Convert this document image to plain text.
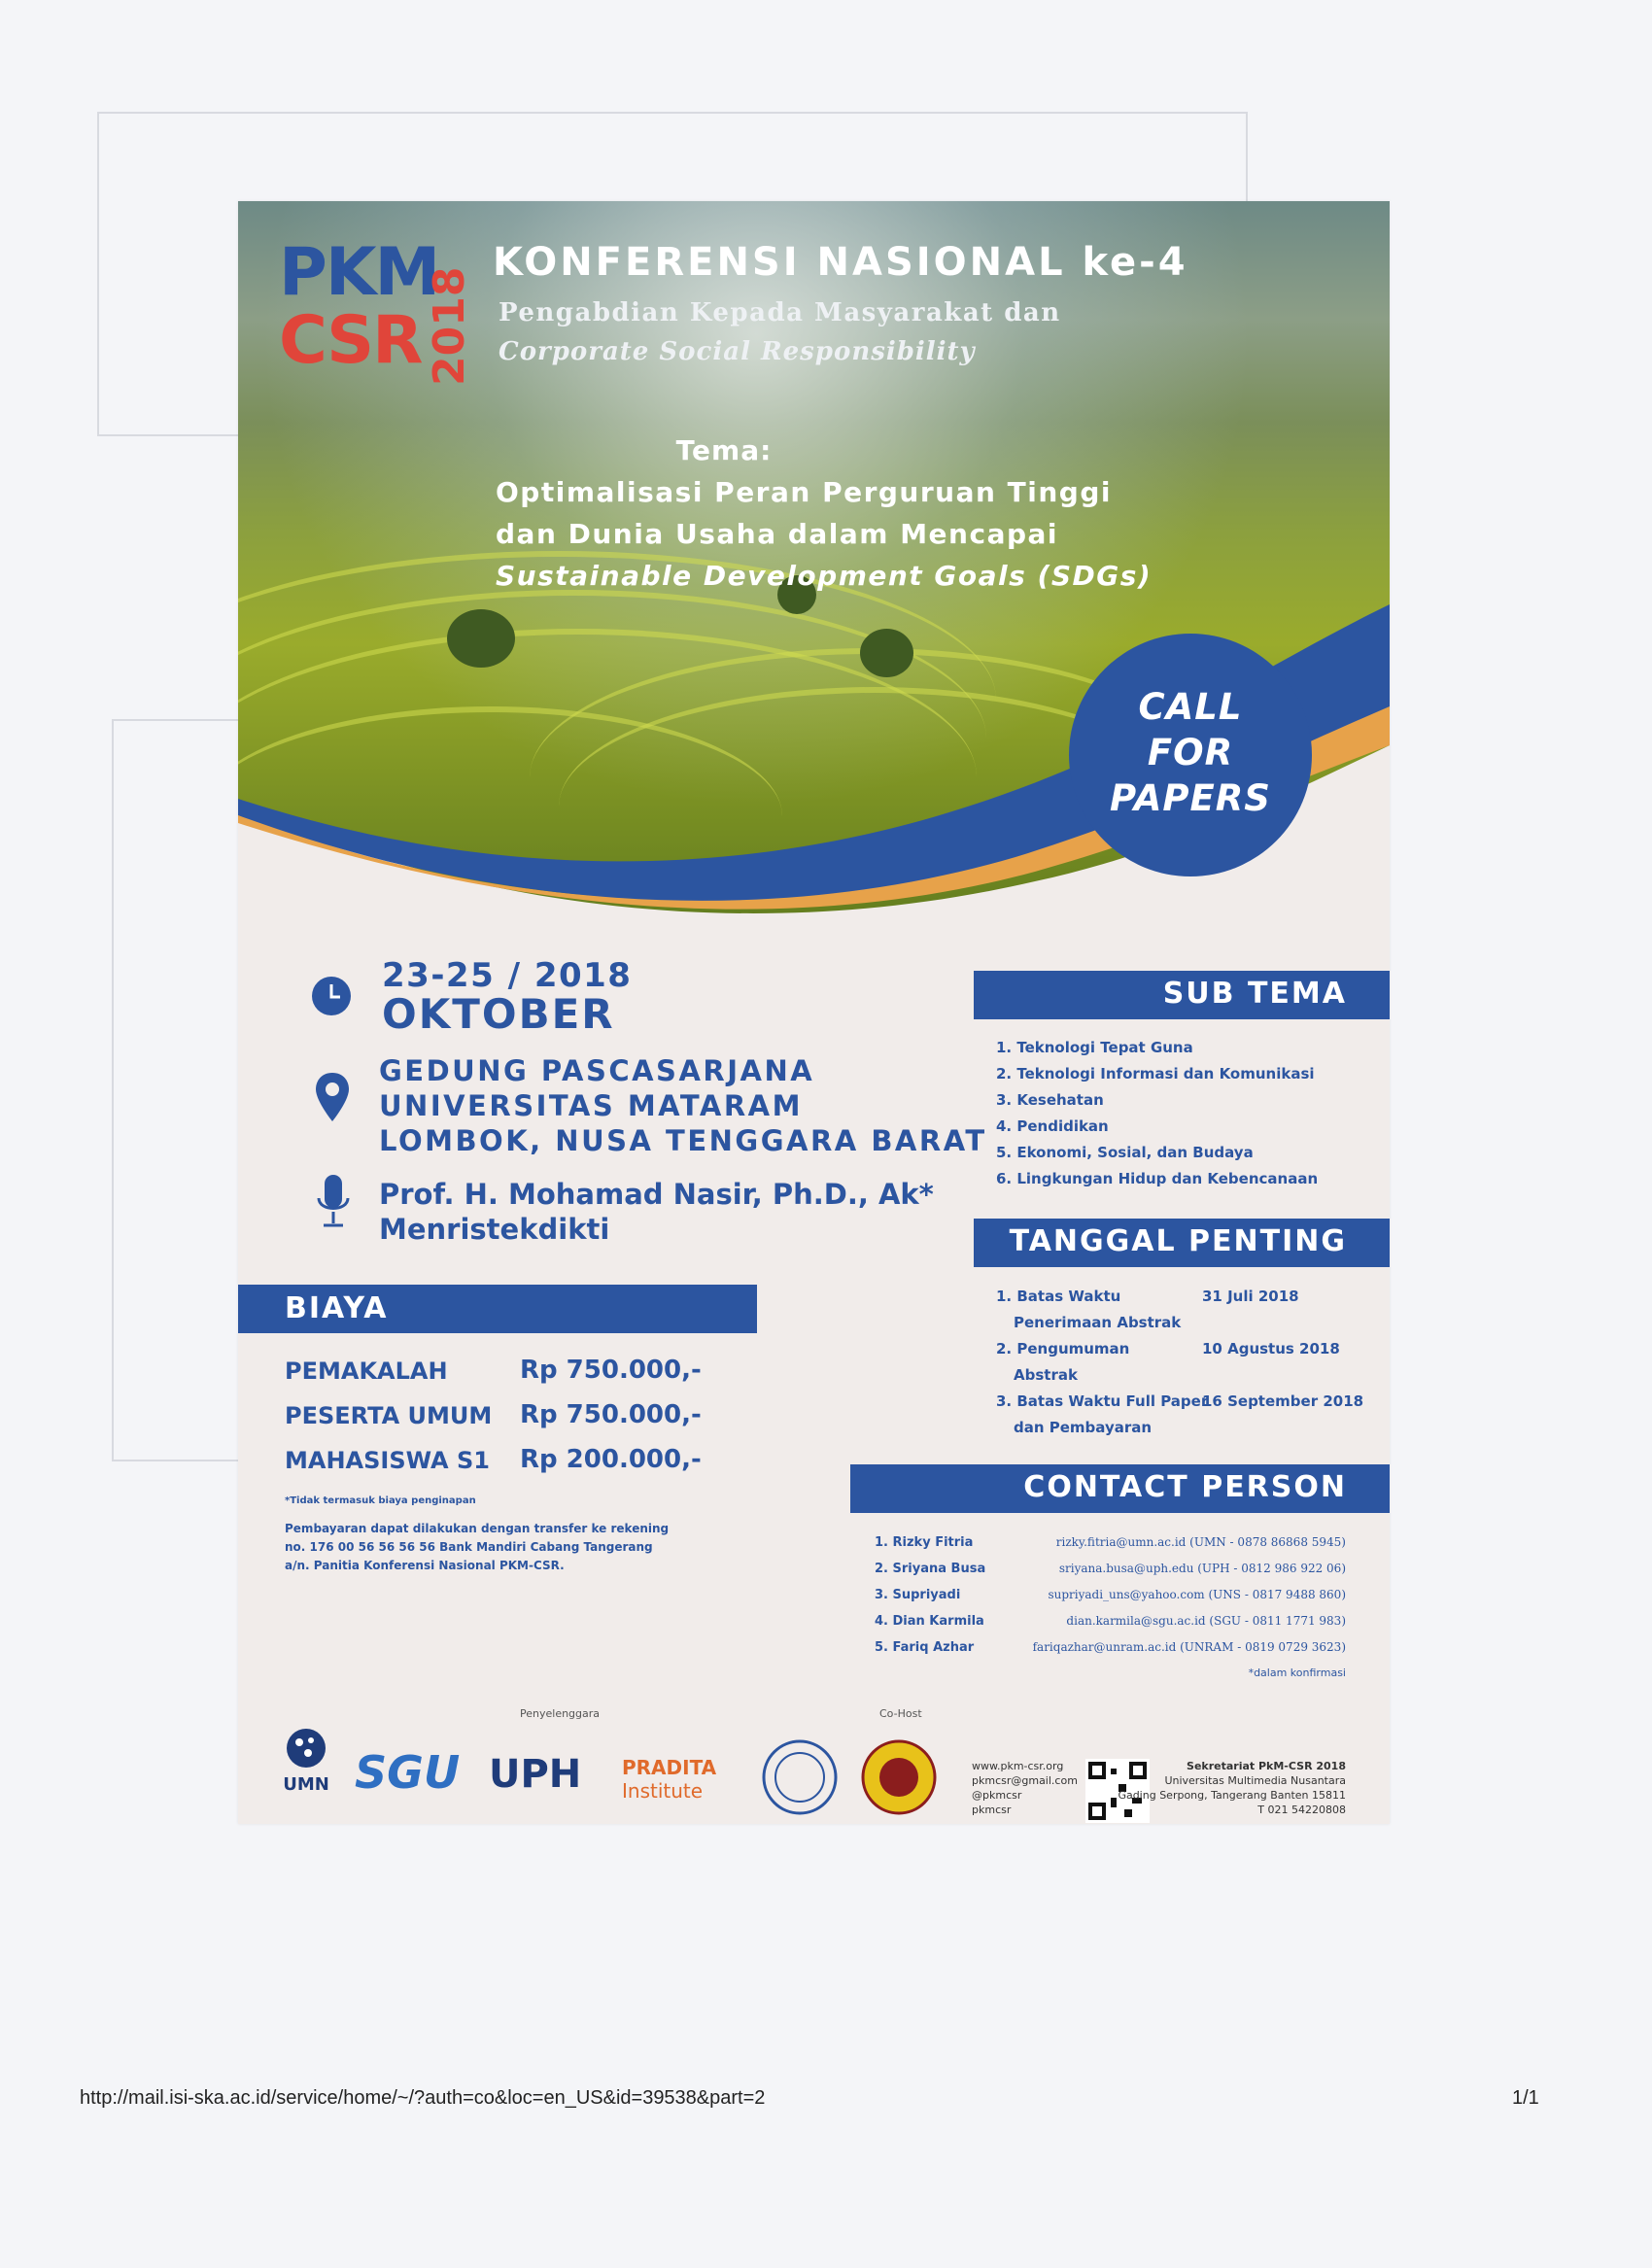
PKM
CSR 2018
KONFERENSI NASIONAL ke-4
Pengabdian Kepada Masyarakat dan
Corporate Social Responsibility
Tema:
Optimalisasi Peran Perguruan Tinggi
dan Dunia Usaha dalam Mencapai
Sustainable Development Goals (SDGs)
CALL
FOR
PAPERS
23-25 / 2018
OKTOBER
GEDUNG PASCASARJANA
UNIVERSITAS MATARAM
LOMBOK, NUSA TENGGARA BARAT
Prof. H. Mohamad Nasir, Ph.D., Ak*
Menristekdikti
BIAYA
PEMAKALAH	Rp 750.000,-
PESERTA UMUM Rp 750.000,-
MAHASISWA S1 Rp 200.000,-
*Tidak termasuk biaya penginapan
Pembayaran dapat dilakukan dengan transfer ke rekening
no. 176 00 56 56 56 56 Bank Mandiri Cabang Tangerang
a/n. Panitia Konferensi Nasional PKM-CSR.
SUB TEMA
1. Teknologi Tepat Guna
2. Teknologi Informasi dan Komunikasi
3. Kesehatan
4. Pendidikan
5. Ekonomi, Sosial, dan Budaya
6. Lingkungan Hidup dan Kebencanaan
TANGGAL PENTING
1. Batas Waktu
Penerimaan Abstrak
31 Juli 2018
2. Pengumuman
Abstrak
10 Agustus 2018
3. Batas Waktu Full Paper
dan Pembayaran
16 September 2018
CONTACT PERSON
1. Rizky Fitria	rizky.fitria@umn.ac.id (UMN - 0878 86868 5945)
2. Sriyana Busa	sriyana.busa@uph.edu (UPH - 0812 986 922 06)
3. Supriyadi	supriyadi_uns@yahoo.com (UNS - 0817 9488 860)
4. Dian Karmila	dian.karmila@sgu.ac.id (SGU - 0811 1771 983)
5. Fariq Azhar	fariqazhar@unram.ac.id (UNRAM - 0819 0729 3623)
*dalam konfirmasi
Penyelenggara	Co-Host
UMN SGU UPH PRADITA
Institute
www.pkm-csr.org
pkmcsr@gmail.com
@pkmcsr
pkmcsr
Sekretariat PkM-CSR 2018
Universitas Multimedia Nusantara
Gading Serpong, Tangerang Banten 15811
T 021 54220808
http://mail.isi-ska.ac.id/service/home/~/?auth=co&loc=en_US&id=39538&part=2	1/1
